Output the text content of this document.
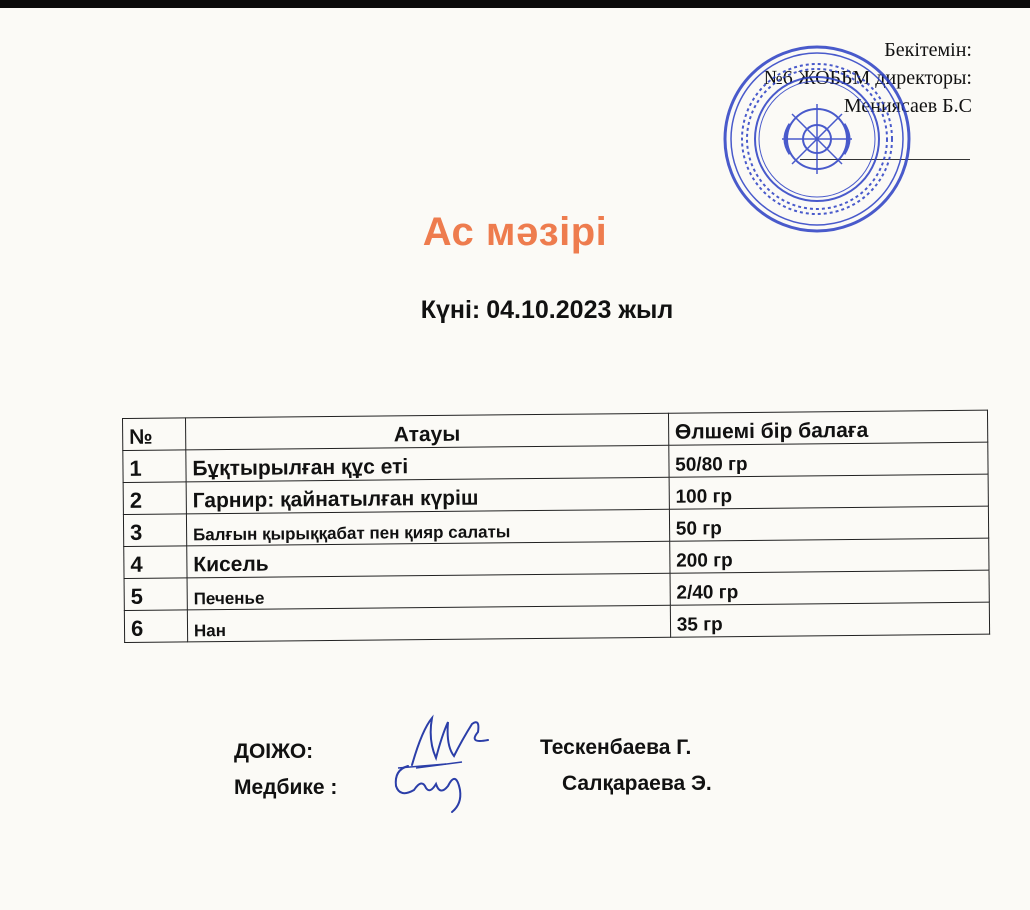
Бекітемін:
№6 ЖОББМ директоры:
Мениясаев Б.С
Ас мәзірі
Күні: 04.10.2023 жыл
№	Атауы	Өлшемі бір балаға
1	Бұқтырылған құс еті	50/80 гр
2	Гарнир: қайнатылған күріш	100 гр
3	Балғын қырыққабат пен қияр салаты	50 гр
4	Кисель	200 гр
5	Печенье	2/40 гр
6	Нан	35 гр
ДОІЖО:	Тескенбаева Г.
Медбике :	Салқараева Э.
